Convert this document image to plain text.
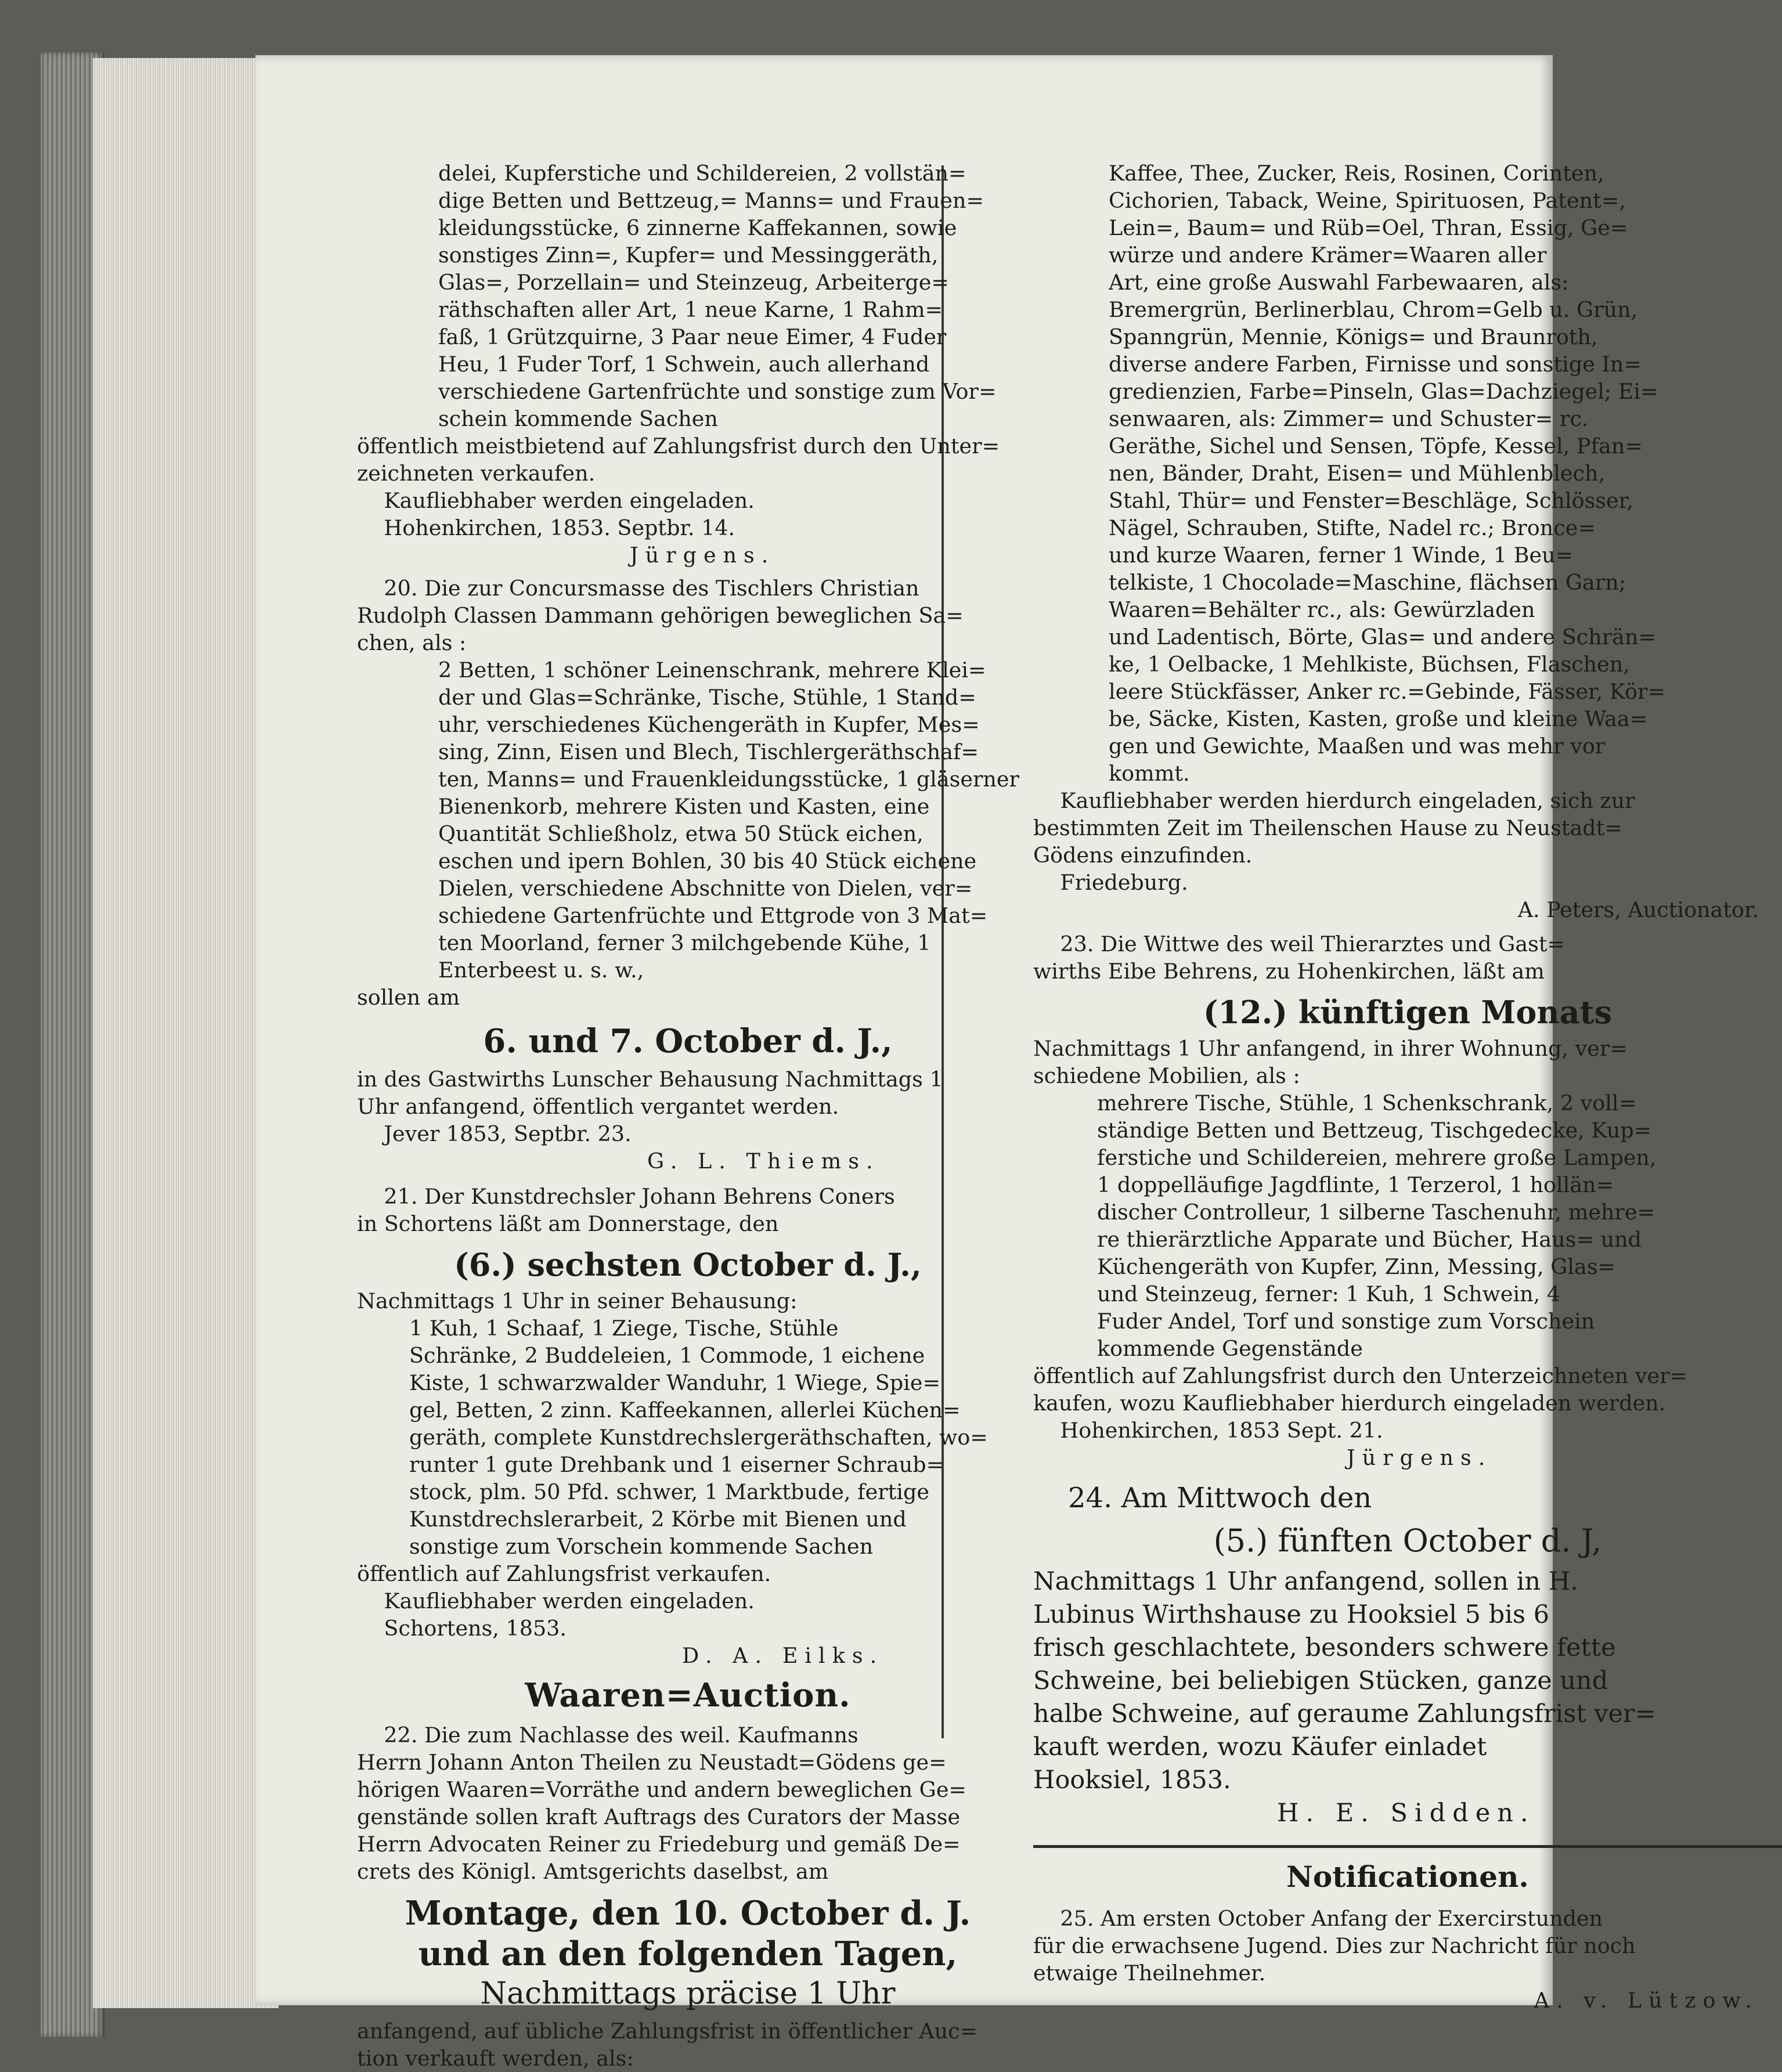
delei, Kupferstiche und Schildereien, 2 vollstän=

dige Betten und Bettzeug,= Manns= und Frauen=

kleidungsstücke, 6 zinnerne Kaffekannen, sowie

sonstiges Zinn=, Kupfer= und Messinggeräth,

Glas=, Porzellain= und Steinzeug, Arbeiterge=

räthschaften aller Art, 1 neue Karne, 1 Rahm=

faß, 1 Grützquirne, 3 Paar neue Eimer, 4 Fuder

Heu, 1 Fuder Torf, 1 Schwein, auch allerhand

verschiedene Gartenfrüchte und sonstige zum Vor=

schein kommende Sachen

öffentlich meistbietend auf Zahlungsfrist durch den Unter=

zeichneten verkaufen.

Kaufliebhaber werden eingeladen.

Hohenkirchen, 1853. Septbr. 14.

Jürgens.

20. Die zur Concursmasse des Tischlers Christian

Rudolph Classen Dammann gehörigen beweglichen Sa=

chen, als :

2 Betten, 1 schöner Leinenschrank, mehrere Klei=

der und Glas=Schränke, Tische, Stühle, 1 Stand=

uhr, verschiedenes Küchengeräth in Kupfer, Mes=

sing, Zinn, Eisen und Blech, Tischlergeräthschaf=

ten, Manns= und Frauenkleidungsstücke, 1 gläserner

Bienenkorb, mehrere Kisten und Kasten, eine

Quantität Schließholz, etwa 50 Stück eichen,

eschen und ipern Bohlen, 30 bis 40 Stück eichene

Dielen, verschiedene Abschnitte von Dielen, ver=

schiedene Gartenfrüchte und Ettgrode von 3 Mat=

ten Moorland, ferner 3 milchgebende Kühe, 1

Enterbeest u. s. w.,

sollen am

6. und 7. October d. J.,

in des Gastwirths Lunscher Behausung Nachmittags 1

Uhr anfangend, öffentlich vergantet werden.

Jever 1853, Septbr. 23.

G. L. Thiems.

21. Der Kunstdrechsler Johann Behrens Coners

in Schortens läßt am Donnerstage, den

(6.) sechsten October d. J.,

Nachmittags 1 Uhr in seiner Behausung:

1 Kuh, 1 Schaaf, 1 Ziege, Tische, Stühle

Schränke, 2 Buddeleien, 1 Commode, 1 eichene

Kiste, 1 schwarzwalder Wanduhr, 1 Wiege, Spie=

gel, Betten, 2 zinn. Kaffeekannen, allerlei Küchen=

geräth, complete Kunstdrechslergeräthschaften, wo=

runter 1 gute Drehbank und 1 eiserner Schraub=

stock, plm. 50 Pfd. schwer, 1 Marktbude, fertige

Kunstdrechslerarbeit, 2 Körbe mit Bienen und

sonstige zum Vorschein kommende Sachen

öffentlich auf Zahlungsfrist verkaufen.

Kaufliebhaber werden eingeladen.

Schortens, 1853.

D. A. Eilks.

Waaren=Auction.

22. Die zum Nachlasse des weil. Kaufmanns

Herrn Johann Anton Theilen zu Neustadt=Gödens ge=

hörigen Waaren=Vorräthe und andern beweglichen Ge=

genstände sollen kraft Auftrags des Curators der Masse

Herrn Advocaten Reiner zu Friedeburg und gemäß De=

crets des Königl. Amtsgerichts daselbst, am

Montage, den 10. October d. J.
und an den folgenden Tagen,
Nachmittags präcise 1 Uhr

anfangend, auf übliche Zahlungsfrist in öffentlicher Auc=

tion verkauft werden, als:

Kaffee, Thee, Zucker, Reis, Rosinen, Corinten,

Cichorien, Taback, Weine, Spirituosen, Patent=,

Lein=, Baum= und Rüb=Oel, Thran, Essig, Ge=

würze und andere Krämer=Waaren aller

Art, eine große Auswahl Farbewaaren, als:

Bremergrün, Berlinerblau, Chrom=Gelb u. Grün,

Spanngrün, Mennie, Königs= und Braunroth,

diverse andere Farben, Firnisse und sonstige In=

gredienzien, Farbe=Pinseln, Glas=Dachziegel; Ei=

senwaaren, als: Zimmer= und Schuster= rc.

Geräthe, Sichel und Sensen, Töpfe, Kessel, Pfan=

nen, Bänder, Draht, Eisen= und Mühlenblech,

Stahl, Thür= und Fenster=Beschläge, Schlösser,

Nägel, Schrauben, Stifte, Nadel rc.; Bronce=

und kurze Waaren, ferner 1 Winde, 1 Beu=

telkiste, 1 Chocolade=Maschine, flächsen Garn;

Waaren=Behälter rc., als: Gewürzladen

und Ladentisch, Börte, Glas= und andere Schrän=

ke, 1 Oelbacke, 1 Mehlkiste, Büchsen, Flaschen,

leere Stückfässer, Anker rc.=Gebinde, Fässer, Kör=

be, Säcke, Kisten, Kasten, große und kleine Waa=

gen und Gewichte, Maaßen und was mehr vor

kommt.

Kaufliebhaber werden hierdurch eingeladen, sich zur

bestimmten Zeit im Theilenschen Hause zu Neustadt=

Gödens einzufinden.

Friedeburg.

A. Peters, Auctionator.

23. Die Wittwe des weil Thierarztes und Gast=

wirths Eibe Behrens, zu Hohenkirchen, läßt am

(12.) künftigen Monats

Nachmittags 1 Uhr anfangend, in ihrer Wohnung, ver=

schiedene Mobilien, als :

mehrere Tische, Stühle, 1 Schenkschrank, 2 voll=

ständige Betten und Bettzeug, Tischgedecke, Kup=

ferstiche und Schildereien, mehrere große Lampen,

1 doppelläufige Jagdflinte, 1 Terzerol, 1 hollän=

discher Controlleur, 1 silberne Taschenuhr, mehre=

re thierärztliche Apparate und Bücher, Haus= und

Küchengeräth von Kupfer, Zinn, Messing, Glas=

und Steinzeug, ferner: 1 Kuh, 1 Schwein, 4

Fuder Andel, Torf und sonstige zum Vorschein

kommende Gegenstände

öffentlich auf Zahlungsfrist durch den Unterzeichneten ver=

kaufen, wozu Kaufliebhaber hierdurch eingeladen werden.

Hohenkirchen, 1853 Sept. 21.

Jürgens.

24. Am Mittwoch den

(5.) fünften October d. J,

Nachmittags 1 Uhr anfangend, sollen in H.

Lubinus Wirthshause zu Hooksiel 5 bis 6

frisch geschlachtete, besonders schwere fette

Schweine, bei beliebigen Stücken, ganze und

halbe Schweine, auf geraume Zahlungsfrist ver=

kauft werden, wozu Käufer einladet

Hooksiel, 1853.

H. E. Sidden.

Notificationen.

25. Am ersten October Anfang der Exercirstunden

für die erwachsene Jugend. Dies zur Nachricht für noch

etwaige Theilnehmer.

A. v. Lützow.
